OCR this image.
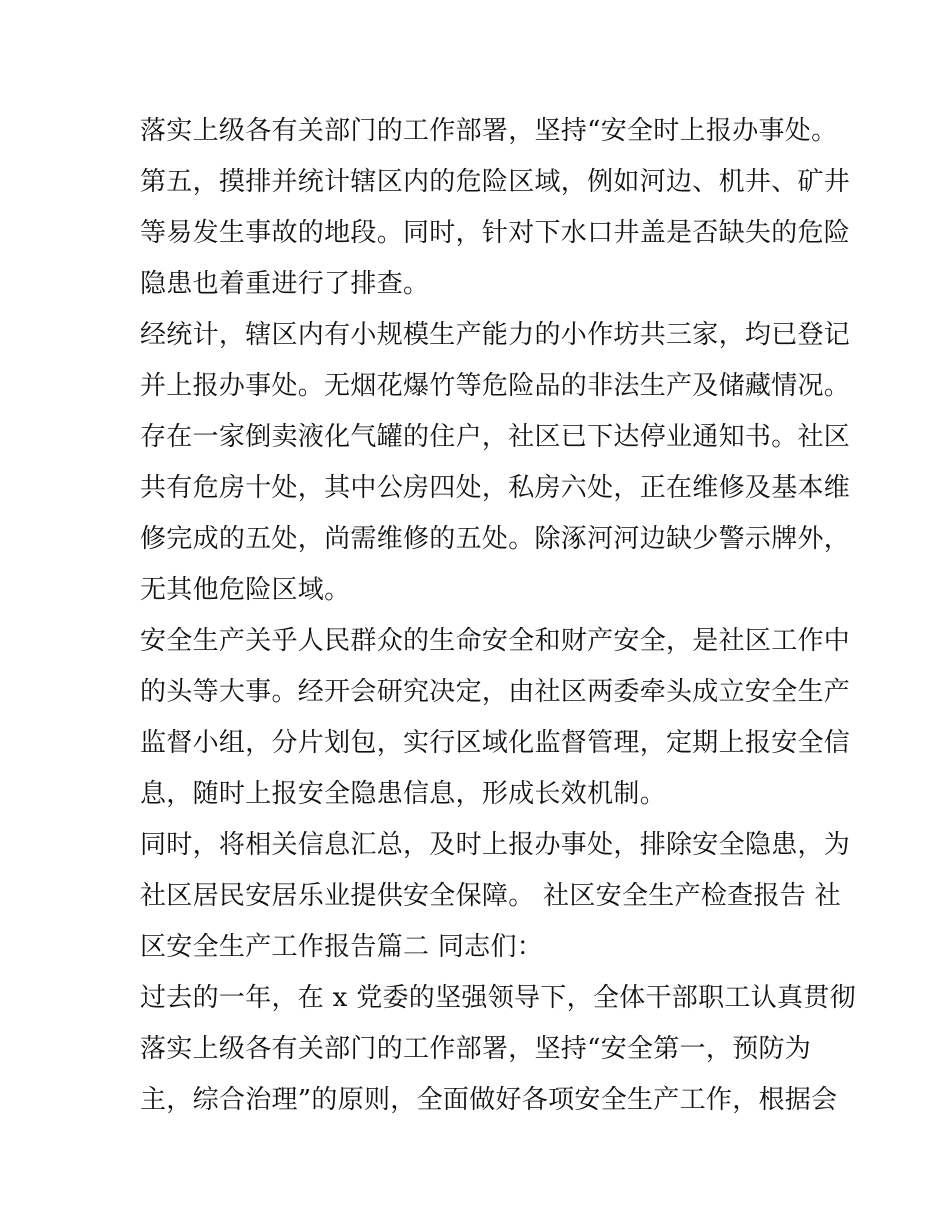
落实上级各有关部门的工作部署，坚持“安全时上报办事处。
第五，摸排并统计辖区内的危险区域，例如河边、机井、矿井
等易发生事故的地段。同时，针对下水口井盖是否缺失的危险
隐患也着重进行了排查。
经统计，辖区内有小规模生产能力的小作坊共三家，均已登记
并上报办事处。无烟花爆竹等危险品的非法生产及储藏情况。
存在一家倒卖液化气罐的住户，社区已下达停业通知书。社区
共有危房十处，其中公房四处，私房六处，正在维修及基本维
修完成的五处，尚需维修的五处。除涿河河边缺少警示牌外，
无其他危险区域。
安全生产关乎人民群众的生命安全和财产安全，是社区工作中
的头等大事。经开会研究决定，由社区两委牵头成立安全生产
监督小组，分片划包，实行区域化监督管理，定期上报安全信
息，随时上报安全隐患信息，形成长效机制。
同时，将相关信息汇总，及时上报办事处，排除安全隐患，为
社区居民安居乐业提供安全保障。 社区安全生产检查报告 社
区安全生产工作报告篇二 同志们：
过去的一年，在 x 党委的坚强领导下，全体干部职工认真贯彻
落实上级各有关部门的工作部署，坚持“安全第一，预防为
主，综合治理”的原则，全面做好各项安全生产工作，根据会
